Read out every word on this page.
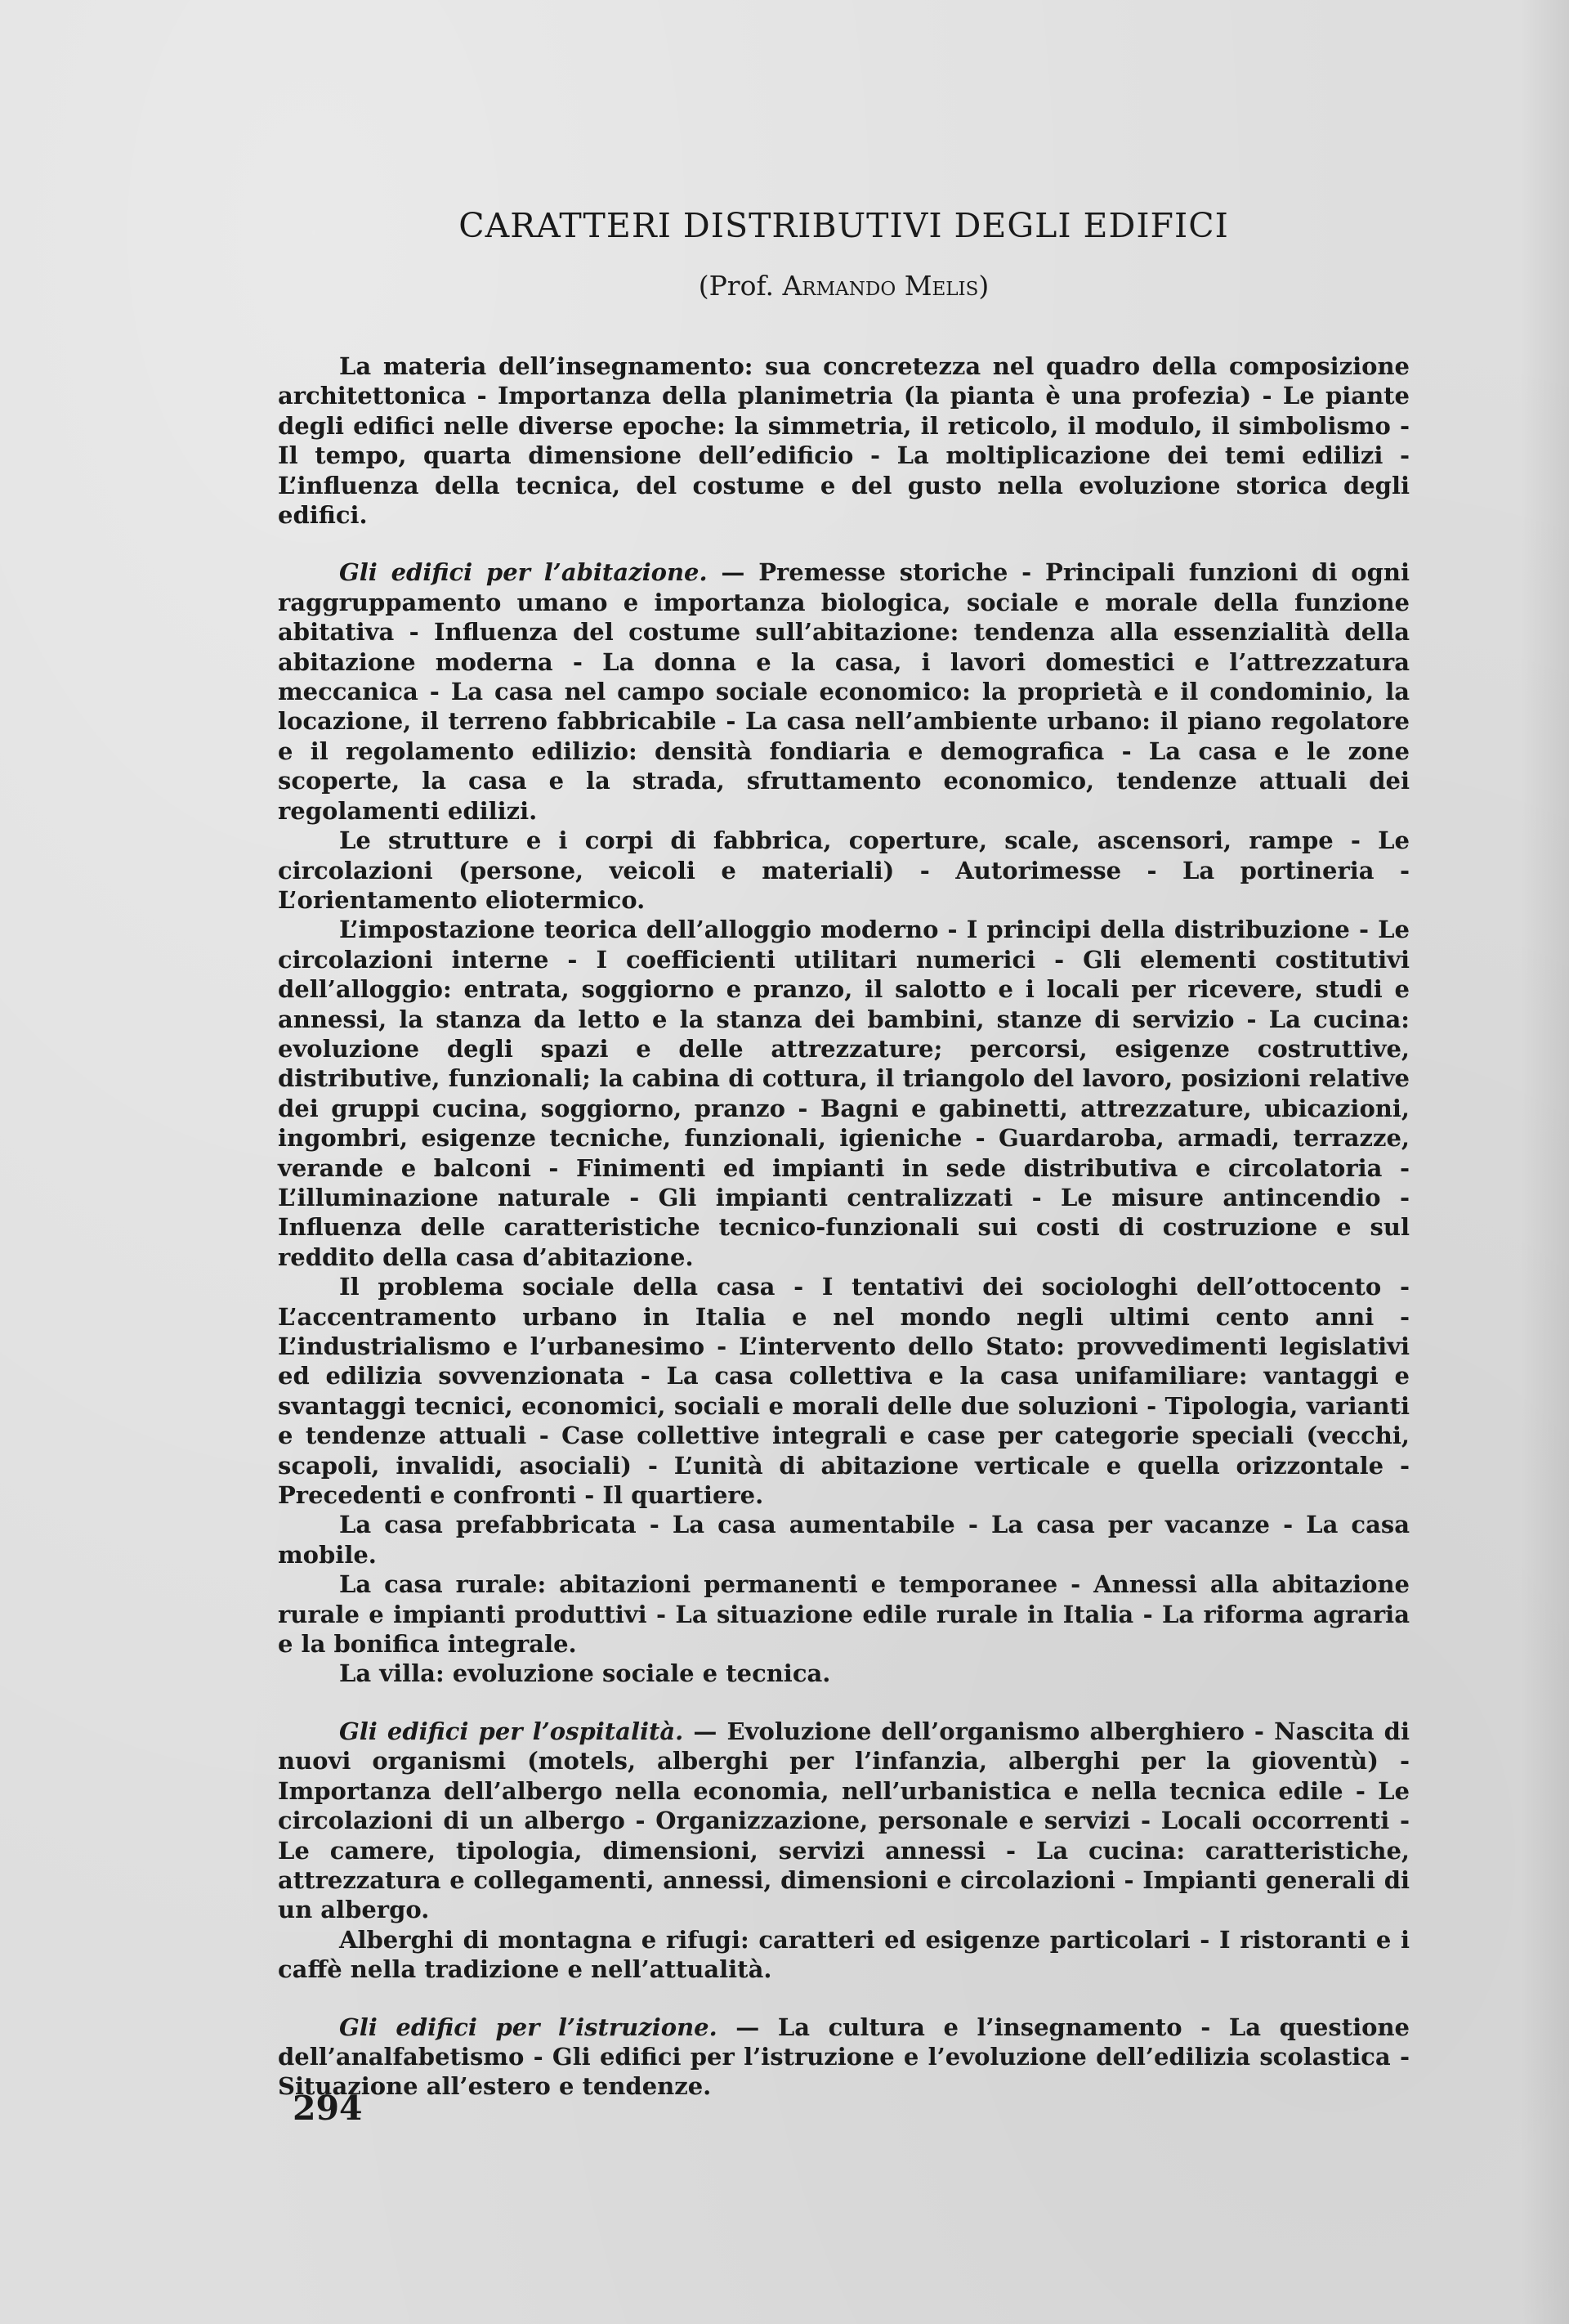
CARATTERI DISTRIBUTIVI DEGLI EDIFICI
(Prof. Armando Melis)

La materia dell’insegnamento: sua concretezza nel quadro della composizione architettonica - Importanza della planimetria (la pianta è una profezia) - Le piante degli edifici nelle diverse epoche: la simmetria, il reticolo, il modulo, il simbolismo - Il tempo, quarta dimensione dell’edificio - La moltiplicazione dei temi edilizi - L’influenza della tecnica, del costume e del gusto nella evoluzione storica degli edifici.

Gli edifici per l’abitazione. — Premesse storiche - Principali funzioni di ogni raggruppamento umano e importanza biologica, sociale e morale della funzione abitativa - Influenza del costume sull’abitazione: tendenza alla essenzialità della abitazione moderna - La donna e la casa, i lavori domestici e l’attrezzatura meccanica - La casa nel campo sociale economico: la proprietà e il condominio, la locazione, il terreno fabbricabile - La casa nell’ambiente urbano: il piano regolatore e il regolamento edilizio: densità fondiaria e demografica - La casa e le zone scoperte, la casa e la strada, sfruttamento economico, tendenze attuali dei regolamenti edilizi.

Le strutture e i corpi di fabbrica, coperture, scale, ascensori, rampe - Le circolazioni (persone, veicoli e materiali) - Autorimesse - La portineria - L’orientamento eliotermico.

L’impostazione teorica dell’alloggio moderno - I principi della distribuzione - Le circolazioni interne - I coefficienti utilitari numerici - Gli elementi costitutivi dell’alloggio: entrata, soggiorno e pranzo, il salotto e i locali per ricevere, studi e annessi, la stanza da letto e la stanza dei bambini, stanze di servizio - La cucina: evoluzione degli spazi e delle attrezzature; percorsi, esigenze costruttive, distributive, funzionali; la cabina di cottura, il triangolo del lavoro, posizioni relative dei gruppi cucina, soggiorno, pranzo - Bagni e gabinetti, attrezzature, ubicazioni, ingombri, esigenze tecniche, funzionali, igieniche - Guardaroba, armadi, terrazze, verande e balconi - Finimenti ed impianti in sede distributiva e circolatoria - L’illuminazione naturale - Gli impianti centralizzati - Le misure antincendio - Influenza delle caratteristiche tecnico-funzionali sui costi di costruzione e sul reddito della casa d’abitazione.

Il problema sociale della casa - I tentativi dei sociologhi dell’ottocento - L’accentramento urbano in Italia e nel mondo negli ultimi cento anni - L’industrialismo e l’urbanesimo - L’intervento dello Stato: provvedimenti legislativi ed edilizia sovvenzionata - La casa collettiva e la casa unifamiliare: vantaggi e svantaggi tecnici, economici, sociali e morali delle due soluzioni - Tipologia, varianti e tendenze attuali - Case collettive integrali e case per categorie speciali (vecchi, scapoli, invalidi, asociali) - L’unità di abitazione verticale e quella orizzontale - Precedenti e confronti - Il quartiere.

La casa prefabbricata - La casa aumentabile - La casa per vacanze - La casa mobile.

La casa rurale: abitazioni permanenti e temporanee - Annessi alla abitazione rurale e impianti produttivi - La situazione edile rurale in Italia - La riforma agraria e la bonifica integrale.

La villa: evoluzione sociale e tecnica.

Gli edifici per l’ospitalità. — Evoluzione dell’organismo alberghiero - Nascita di nuovi organismi (motels, alberghi per l’infanzia, alberghi per la gioventù) - Importanza dell’albergo nella economia, nell’urbanistica e nella tecnica edile - Le circolazioni di un albergo - Organizzazione, personale e servizi - Locali occorrenti - Le camere, tipologia, dimensioni, servizi annessi - La cucina: caratteristiche, attrezzatura e collegamenti, annessi, dimensioni e circolazioni - Impianti generali di un albergo.

Alberghi di montagna e rifugi: caratteri ed esigenze particolari - I ristoranti e i caffè nella tradizione e nell’attualità.

Gli edifici per l’istruzione. — La cultura e l’insegnamento - La questione dell’analfabetismo - Gli edifici per l’istruzione e l’evoluzione dell’edilizia scolastica - Situazione all’estero e tendenze.

294
